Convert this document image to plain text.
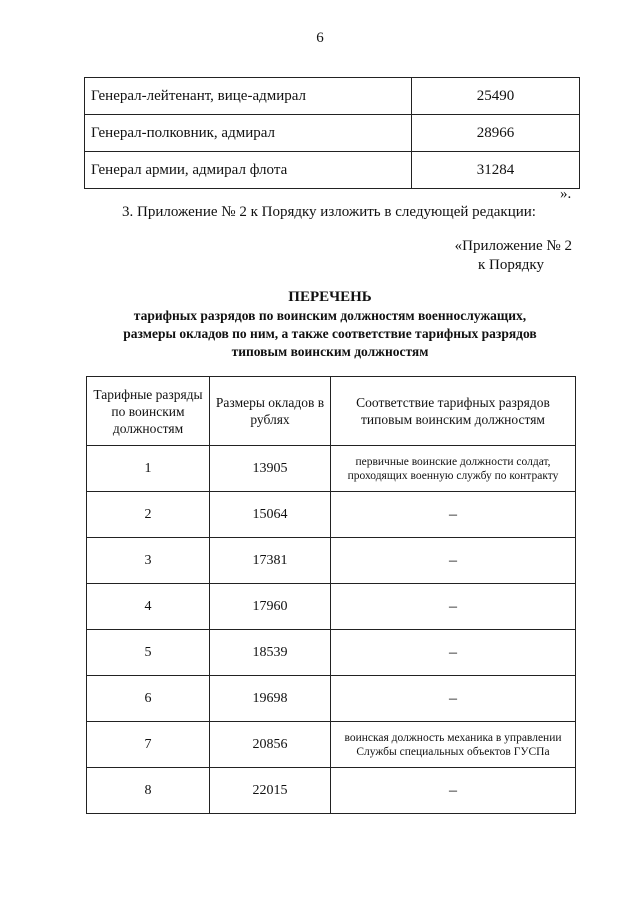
6
Генерал-лейтенант, вице-адмирал	25490
Генерал-полковник, адмирал	28966
Генерал армии, адмирал флота	31284
».
3. Приложение № 2 к Порядку изложить в следующей редакции:
«Приложение № 2
к Порядку
ПЕРЕЧЕНЬ
тарифных разрядов по воинским должностям военнослужащих,
размеры окладов по ним, а также соответствие тарифных разрядов
типовым воинским должностям
Тарифные разряды по воинским должностям	Размеры окладов в рублях	Соответствие тарифных разрядов типовым воинским должностям
1	13905	первичные воинские должности солдат, проходящих военную службу по контракту
2	15064	–
3	17381	–
4	17960	–
5	18539	–
6	19698	–
7	20856	воинская должность механика в управлении Службы специальных объектов ГУСПа
8	22015	–
